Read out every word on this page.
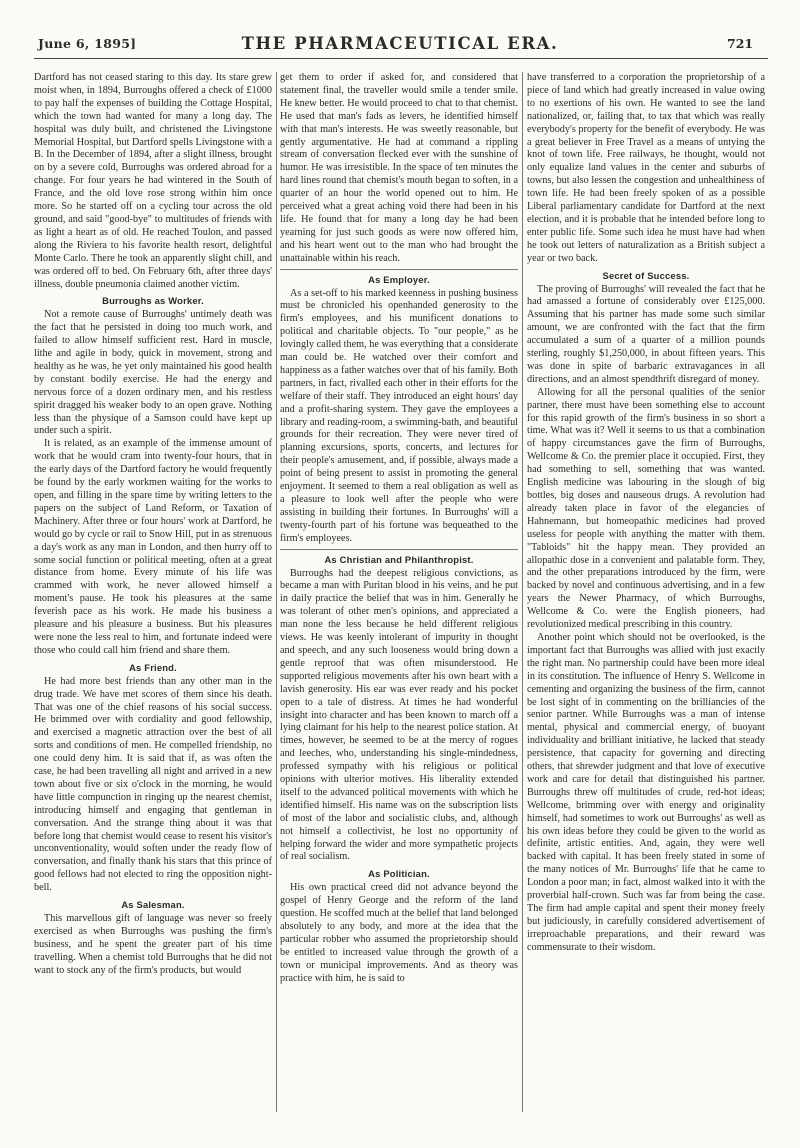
June 6, 1895]	THE PHARMACEUTICAL ERA.	721

Dartford has not ceased staring to this day. Its stare grew moist when, in 1894, Burroughs offered a check of £1000 to pay half the expenses of building the Cottage Hospital, which the town had wanted for many a long day. The hospital was duly built, and christened the Livingstone Memorial Hospital, but Dartford spells Livingstone with a B. In the December of 1894, after a slight illness, brought on by a severe cold, Burroughs was ordered abroad for a change. For four years he had wintered in the South of France, and the old love rose strong within him once more. So he started off on a cycling tour across the old ground, and said "good-bye" to multitudes of friends with as light a heart as of old. He reached Toulon, and passed along the Riviera to his favorite health resort, delightful Monte Carlo. There he took an apparently slight chill, and was ordered off to bed. On February 6th, after three days' illness, double pneumonia claimed another victim.

Burroughs as Worker.

Not a remote cause of Burroughs' untimely death was the fact that he persisted in doing too much work, and failed to allow himself sufficient rest. Hard in muscle, lithe and agile in body, quick in movement, strong and healthy as he was, he yet only maintained his good health by constant bodily exercise. He had the energy and nervous force of a dozen ordinary men, and his restless spirit dragged his weaker body to an open grave. Nothing less than the physique of a Samson could have kept up under such a spirit.

It is related, as an example of the immense amount of work that he would cram into twenty-four hours, that in the early days of the Dartford factory he would frequently be found by the early workmen waiting for the works to open, and filling in the spare time by writing letters to the papers on the subject of Land Reform, or Taxation of Machinery. After three or four hours' work at Dartford, he would go by cycle or rail to Snow Hill, put in as strenuous a day's work as any man in London, and then hurry off to some social function or political meeting, often at a great distance from home. Every minute of his life was crammed with work, he never allowed himself a moment's pause. He took his pleasures at the same feverish pace as his work. He made his business a pleasure and his pleasure a business. But his pleasures were none the less real to him, and fortunate indeed were those who could call him friend and share them.

As Friend.

He had more best friends than any other man in the drug trade. We have met scores of them since his death. That was one of the chief reasons of his social success. He brimmed over with cordiality and good fellowship, and exercised a magnetic attraction over the best of all sorts and conditions of men. He compelled friendship, no one could deny him. It is said that if, as was often the case, he had been travelling all night and arrived in a new town about five or six o'clock in the morning, he would have little compunction in ringing up the nearest chemist, introducing himself and engaging that gentleman in conversation. And the strange thing about it was that before long that chemist would cease to resent his visitor's unconventionality, would soften under the ready flow of conversation, and finally thank his stars that this prince of good fellows had not elected to ring the opposition night-bell.

As Salesman.

This marvellous gift of language was never so freely exercised as when Burroughs was pushing the firm's business, and he spent the greater part of his time travelling. When a chemist told Burroughs that he did not want to stock any of the firm's products, but would

get them to order if asked for, and considered that statement final, the traveller would smile a tender smile. He knew better. He would proceed to chat to that chemist. He used that man's fads as levers, he identified himself with that man's interests. He was sweetly reasonable, but gently argumentative. He had at command a rippling stream of conversation flecked ever with the sunshine of humor. He was irresistible. In the space of ten minutes the hard lines round that chemist's mouth began to soften, in a quarter of an hour the world opened out to him. He perceived what a great aching void there had been in his life. He found that for many a long day he had been yearning for just such goods as were now offered him, and his heart went out to the man who had brought the unattainable within his reach.

As Employer.

As a set-off to his marked keenness in pushing business must be chronicled his openhanded generosity to the firm's employees, and his munificent donations to political and charitable objects. To "our people," as he lovingly called them, he was everything that a considerate man could be. He watched over their comfort and happiness as a father watches over that of his family. Both partners, in fact, rivalled each other in their efforts for the welfare of their staff. They introduced an eight hours' day and a profit-sharing system. They gave the employees a library and reading-room, a swimming-bath, and beautiful grounds for their recreation. They were never tired of planning excursions, sports, concerts, and lectures for their people's amusement, and, if possible, always made a point of being present to assist in promoting the general enjoyment. It seemed to them a real obligation as well as a pleasure to look well after the people who were assisting in building their fortunes. In Burroughs' will a twenty-fourth part of his fortune was bequeathed to the firm's employees.

As Christian and Philanthropist.

Burroughs had the deepest religious convictions, as became a man with Puritan blood in his veins, and he put in daily practice the belief that was in him. Generally he was tolerant of other men's opinions, and appreciated a man none the less because he held different religious views. He was keenly intolerant of impurity in thought and speech, and any such looseness would bring down a gentle reproof that was often misunderstood. He supported religious movements after his own heart with a lavish generosity. His ear was ever ready and his pocket open to a tale of distress. At times he had wonderful insight into character and has been known to march off a lying claimant for his help to the nearest police station. At times, however, he seemed to be at the mercy of rogues and leeches, who, understanding his single-mindedness, professed sympathy with his religious or political opinions with ulterior motives. His liberality extended itself to the advanced political movements with which he identified himself. His name was on the subscription lists of most of the labor and socialistic clubs, and, although not himself a collectivist, he lost no opportunity of helping forward the wider and more sympathetic projects of real socialism.

As Politician.

His own practical creed did not advance beyond the gospel of Henry George and the reform of the land question. He scoffed much at the belief that land belonged absolutely to any body, and more at the idea that the particular robber who assumed the proprietorship should be entitled to increased value through the growth of a town or municipal improvements. And as theory was practice with him, he is said to

have transferred to a corporation the proprietorship of a piece of land which had greatly increased in value owing to no exertions of his own. He wanted to see the land nationalized, or, failing that, to tax that which was really everybody's property for the benefit of everybody. He was a great believer in Free Travel as a means of untying the knot of town life. Free railways, he thought, would not only equalize land values in the center and suburbs of towns, but also lessen the congestion and unhealthiness of town life. He had been freely spoken of as a possible Liberal parliamentary candidate for Dartford at the next election, and it is probable that he intended before long to enter public life. Some such idea he must have had when he took out letters of naturalization as a British subject a year or two back.

Secret of Success.

The proving of Burroughs' will revealed the fact that he had amassed a fortune of considerably over £125,000. Assuming that his partner has made some such similar amount, we are confronted with the fact that the firm accumulated a sum of a quarter of a million pounds sterling, roughly $1,250,000, in about fifteen years. This was done in spite of barbaric extravagances in all directions, and an almost spendthrift disregard of money.

Allowing for all the personal qualities of the senior partner, there must have been something else to account for this rapid growth of the firm's business in so short a time. What was it? Well it seems to us that a combination of happy circumstances gave the firm of Burroughs, Wellcome & Co. the premier place it occupied. First, they had something to sell, something that was wanted. English medicine was labouring in the slough of big bottles, big doses and nauseous drugs. A revolution had already taken place in favor of the elegancies of Hahnemann, but homeopathic medicines had proved useless for people with anything the matter with them. "Tabloids" hit the happy mean. They provided an allopathic dose in a convenient and palatable form. They, and the other preparations introduced by the firm, were backed by novel and continuous advertising, and in a few years the Newer Pharmacy, of which Burroughs, Wellcome & Co. were the English pioneers, had revolutionized medical prescribing in this country.

Another point which should not be overlooked, is the important fact that Burroughs was allied with just exactly the right man. No partnership could have been more ideal in its constitution. The influence of Henry S. Wellcome in cementing and organizing the business of the firm, cannot be lost sight of in commenting on the brilliancies of the senior partner. While Burroughs was a man of intense mental, physical and commercial energy, of buoyant individuality and brilliant initiative, he lacked that steady persistence, that capacity for governing and directing others, that shrewder judgment and that love of executive work and care for detail that distinguished his partner. Burroughs threw off multitudes of crude, red-hot ideas; Wellcome, brimming over with energy and originality himself, had sometimes to work out Burroughs' as well as his own ideas before they could be given to the world as definite, artistic entities. And, again, they were well backed with capital. It has been freely stated in some of the many notices of Mr. Burroughs' life that he came to London a poor man; in fact, almost walked into it with the proverbial half-crown. Such was far from being the case. The firm had ample capital and spent their money freely but judiciously, in carefully considered advertisement of irreproachable preparations, and their reward was commensurate to their wisdom.
